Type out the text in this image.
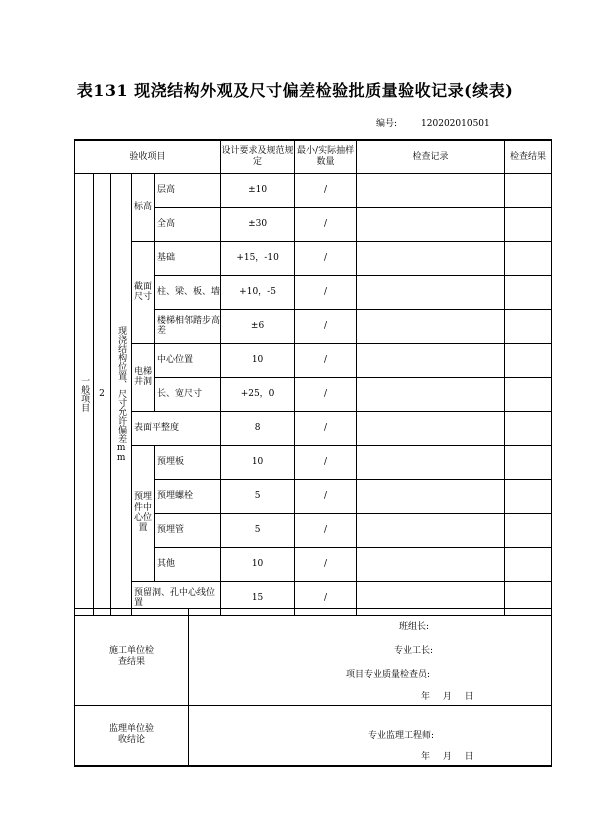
表131 现浇结构外观及尺寸偏差检验批质量验收记录(续表)
编号:	120202010501
验收项目					设计要求及规范规定	最小/实际抽样数量	检查记录	检查结果
一般项目	2	现浇结构位置、尺寸允许偏差mm	标高	层高	±10	/		
				全高	±30	/		
			截面尺寸	基础	+15，-10	/		
				柱、梁、板、墙	+10，-5	/		
				楼梯相邻踏步高差	±6	/		
			电梯井洞	中心位置	10	/		
				长、宽尺寸	+25，0	/		
			表面平整度		8	/		
			预埋件中心位置	预埋板	10	/		
				预埋螺栓	5	/		
				预埋管	5	/		
				其他	10	/		
			预留洞、孔中心线位置		15	/		
施工单位检查结果	班组长:
专业工长:
项目专业质量检查员:
年 月 日

监理单位验收结论	专业监理工程师:
年 月 日
